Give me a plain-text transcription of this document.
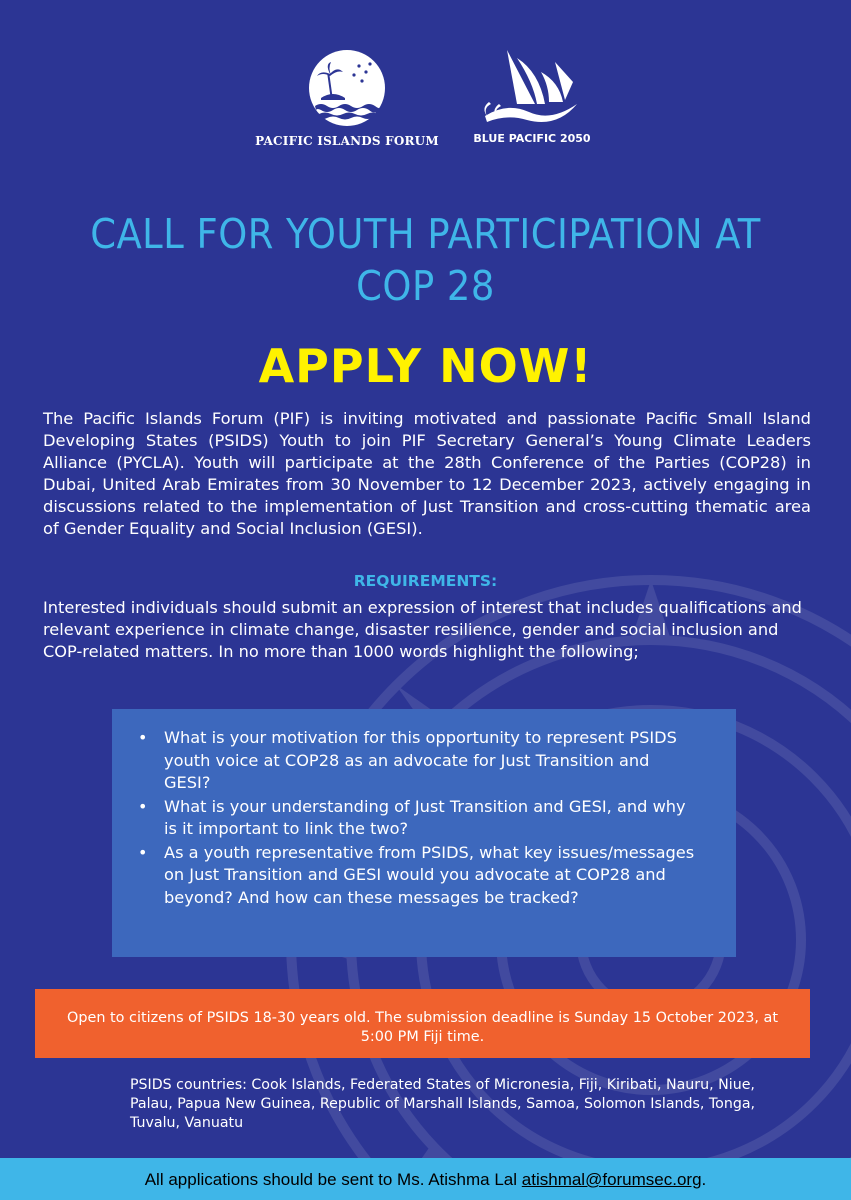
PACIFIC ISLANDS FORUM	BLUE PACIFIC 2050
CALL FOR YOUTH PARTICIPATION AT
COP 28
APPLY NOW!

The Pacific Islands Forum (PIF) is inviting motivated and passionate Pacific Small Island Developing States (PSIDS) Youth to join PIF Secretary General’s Young Climate Leaders Alliance (PYCLA). Youth will participate at the 28th Conference of the Parties (COP28) in Dubai, United Arab Emirates from 30 November to 12 December 2023, actively engaging in discussions related to the implementation of Just Transition and cross-cutting thematic area of Gender Equality and Social Inclusion (GESI).

REQUIREMENTS:

Interested individuals should submit an expression of interest that includes qualifications and relevant experience in climate change, disaster resilience, gender and social inclusion and COP-related matters. In no more than 1000 words highlight the following;

• What is your motivation for this opportunity to represent PSIDS youth voice at COP28 as an advocate for Just Transition and GESI?
• What is your understanding of Just Transition and GESI, and why is it important to link the two?
• As a youth representative from PSIDS, what key issues/messages on Just Transition and GESI would you advocate at COP28 and beyond? And how can these messages be tracked?
Open to citizens of PSIDS 18-30 years old. The submission deadline is Sunday 15 October 2023, at 5:00 PM Fiji time.

PSIDS countries: Cook Islands, Federated States of Micronesia, Fiji, Kiribati, Nauru, Niue, Palau, Papua New Guinea, Republic of Marshall Islands, Samoa, Solomon Islands, Tonga, Tuvalu, Vanuatu

All applications should be sent to Ms. Atishma Lal atishmal@forumsec.org.
